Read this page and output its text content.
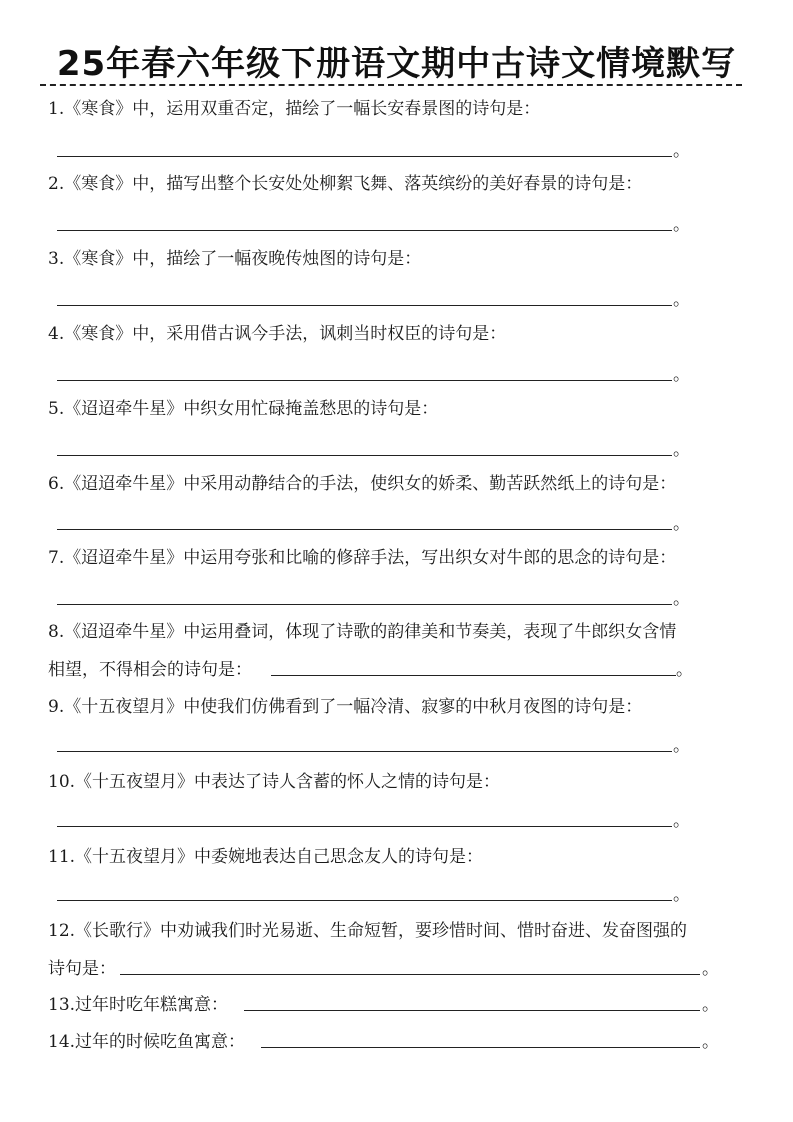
25年春六年级下册语文期中古诗文情境默写
1.《寒食》中，运用双重否定，描绘了一幅长安春景图的诗句是：
。
2.《寒食》中，描写出整个长安处处柳絮飞舞、落英缤纷的美好春景的诗句是：
。
3.《寒食》中，描绘了一幅夜晚传烛图的诗句是：
。
4.《寒食》中，采用借古讽今手法，讽刺当时权臣的诗句是：
。
5.《迢迢牵牛星》中织女用忙碌掩盖愁思的诗句是：
。
6.《迢迢牵牛星》中采用动静结合的手法，使织女的娇柔、勤苦跃然纸上的诗句是：
。
7.《迢迢牵牛星》中运用夸张和比喻的修辞手法，写出织女对牛郎的思念的诗句是：
。
8.《迢迢牵牛星》中运用叠词，体现了诗歌的韵律美和节奏美，表现了牛郎织女含情
相望，不得相会的诗句是：	。
9.《十五夜望月》中使我们仿佛看到了一幅冷清、寂寥的中秋月夜图的诗句是：
。
10.《十五夜望月》中表达了诗人含蓄的怀人之情的诗句是：
。
11.《十五夜望月》中委婉地表达自己思念友人的诗句是：
。
12.《长歌行》中劝诫我们时光易逝、生命短暂，要珍惜时间、惜时奋进、发奋图强的
诗句是：	。
13.过年时吃年糕寓意：	。
14.过年的时候吃鱼寓意：	。
